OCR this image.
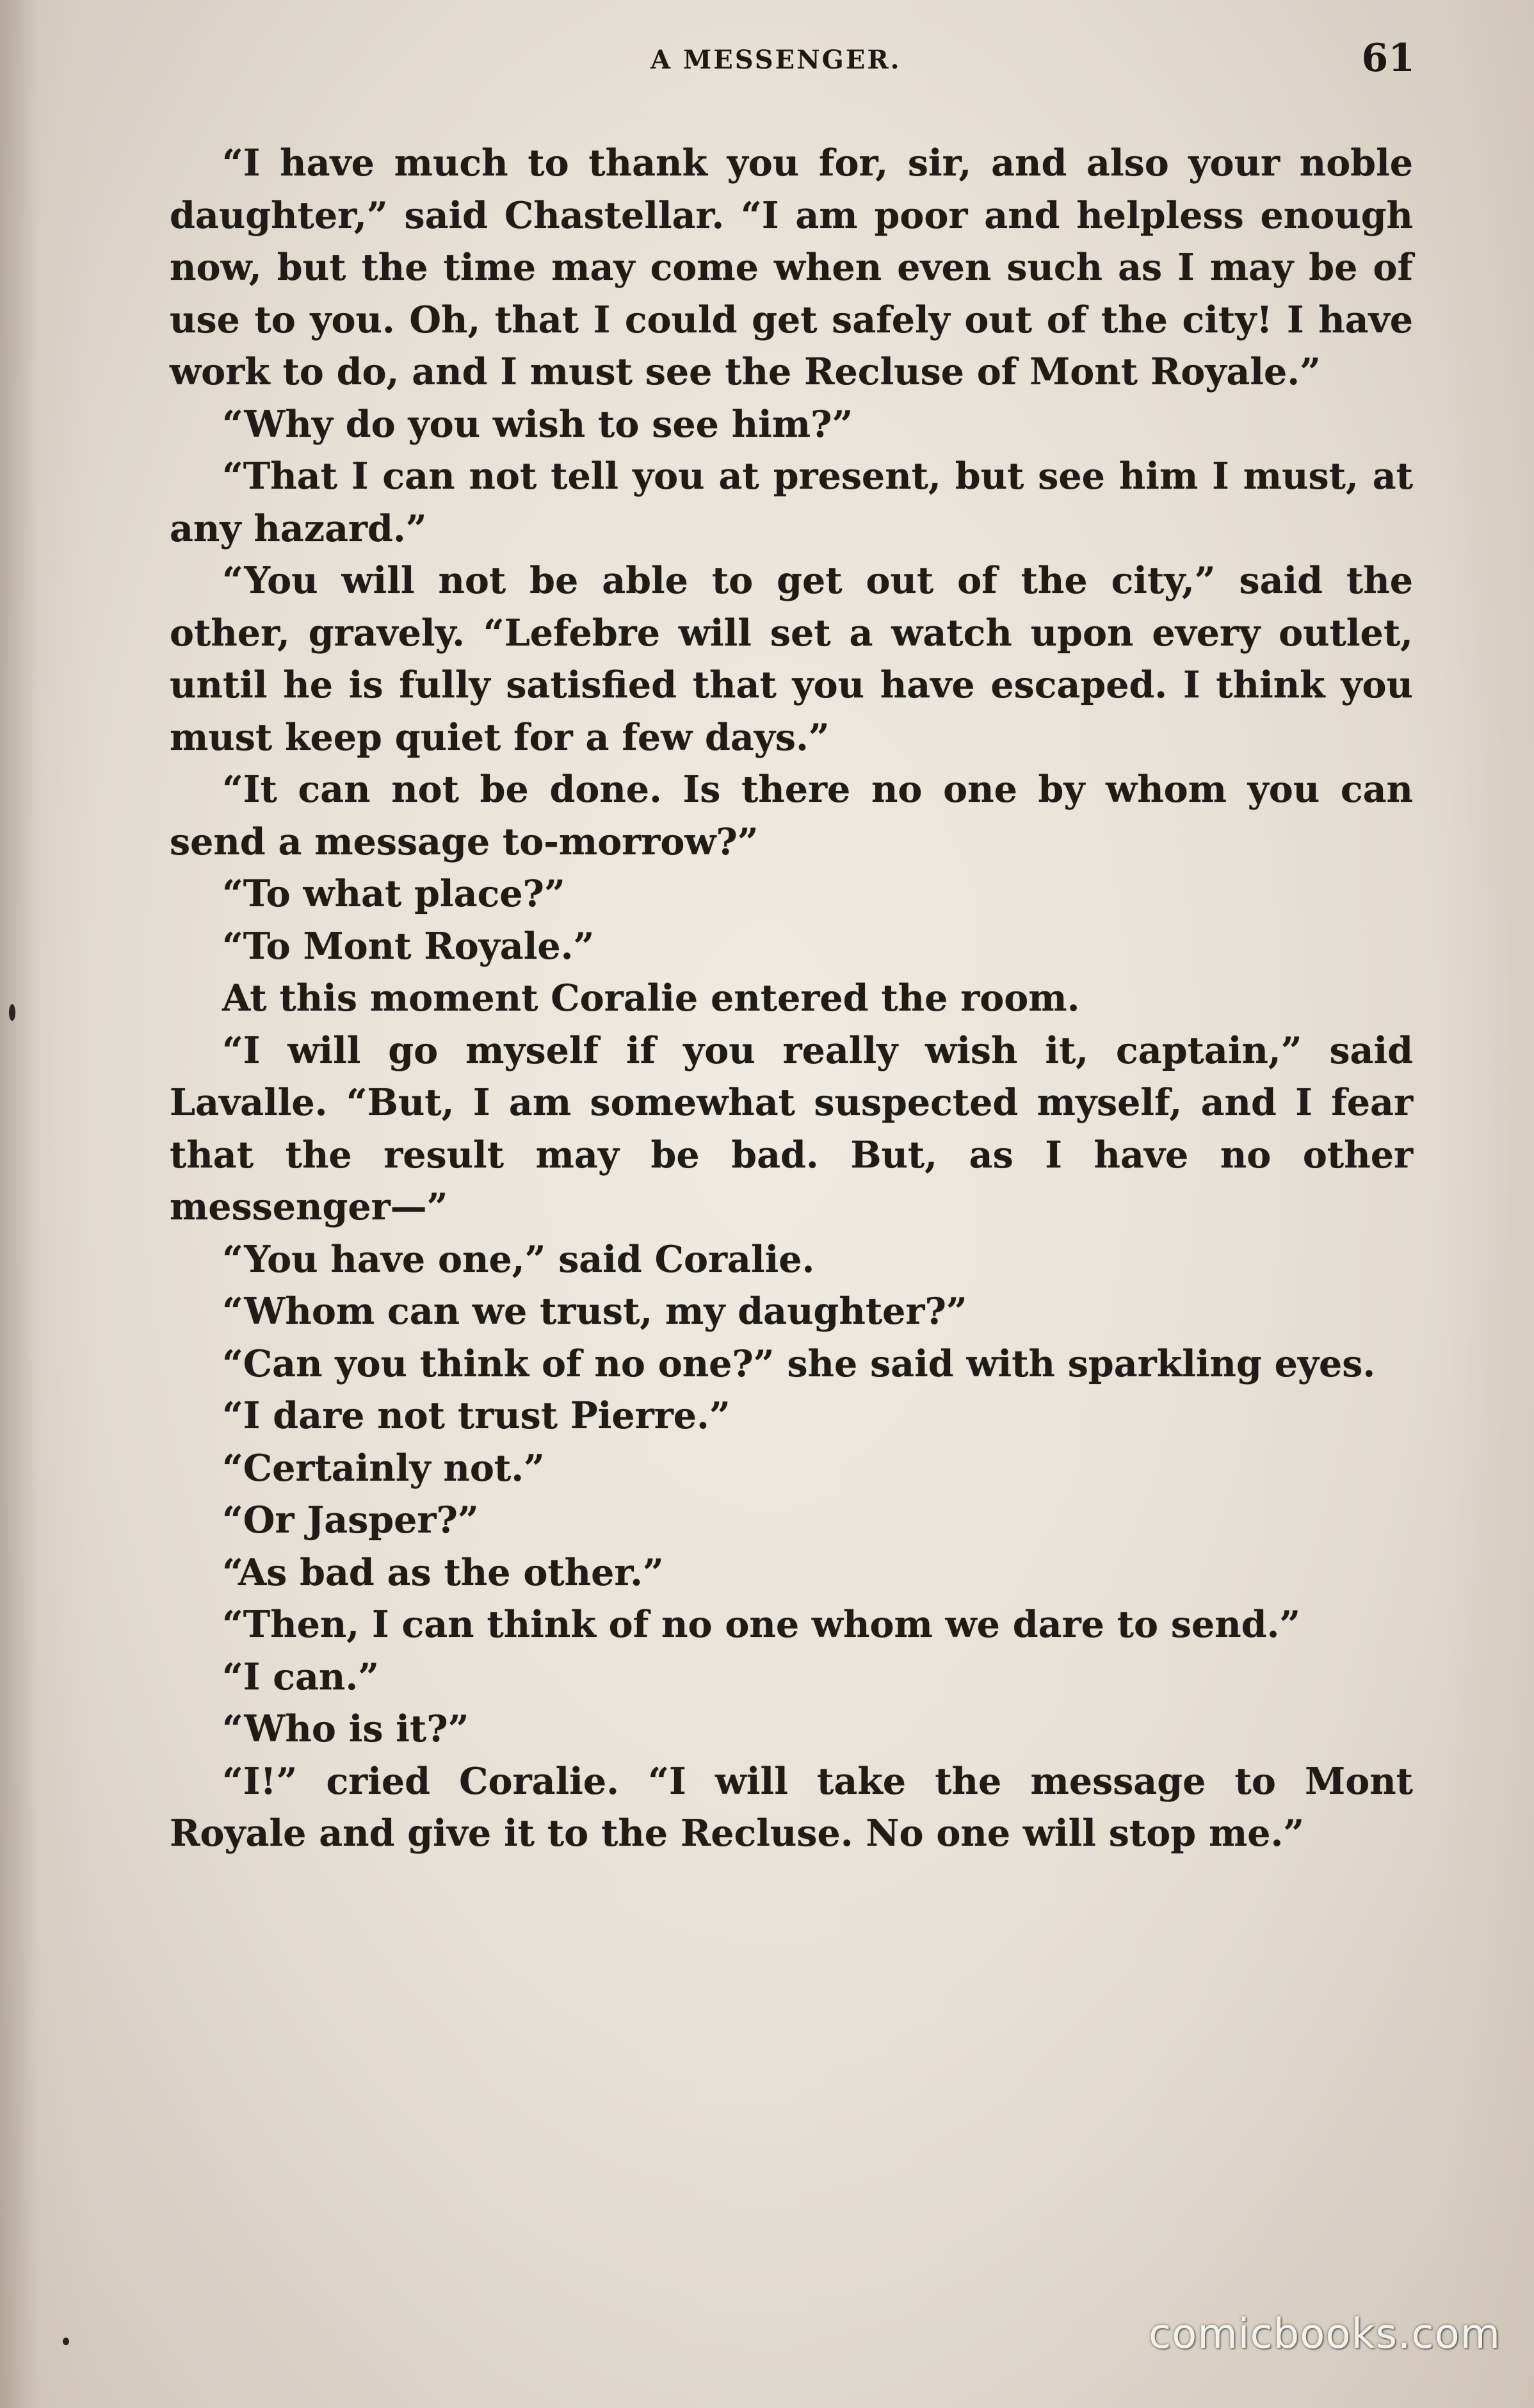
A MESSENGER.	61

“I have much to thank you for, sir, and also your noble daughter,” said Chastellar. “I am poor and helpless enough now, but the time may come when even such as I may be of use to you. Oh, that I could get safely out of the city! I have work to do, and I must see the Recluse of Mont Royale.”

“Why do you wish to see him?”

“That I can not tell you at present, but see him I must, at any hazard.”

“You will not be able to get out of the city,” said the other, gravely. “Lefebre will set a watch upon every outlet, until he is fully satisfied that you have escaped. I think you must keep quiet for a few days.”

“It can not be done. Is there no one by whom you can send a message to-morrow?”

“To what place?”

“To Mont Royale.”

At this moment Coralie entered the room.

“I will go myself if you really wish it, captain,” said Lavalle. “But, I am somewhat suspected myself, and I fear that the result may be bad. But, as I have no other messenger—”

“You have one,” said Coralie.

“Whom can we trust, my daughter?”

“Can you think of no one?” she said with sparkling eyes.

“I dare not trust Pierre.”

“Certainly not.”

“Or Jasper?”

“As bad as the other.”

“Then, I can think of no one whom we dare to send.”

“I can.”

“Who is it?”

“I!” cried Coralie. “I will take the message to Mont Royale and give it to the Recluse. No one will stop me.”

comicbooks.com
